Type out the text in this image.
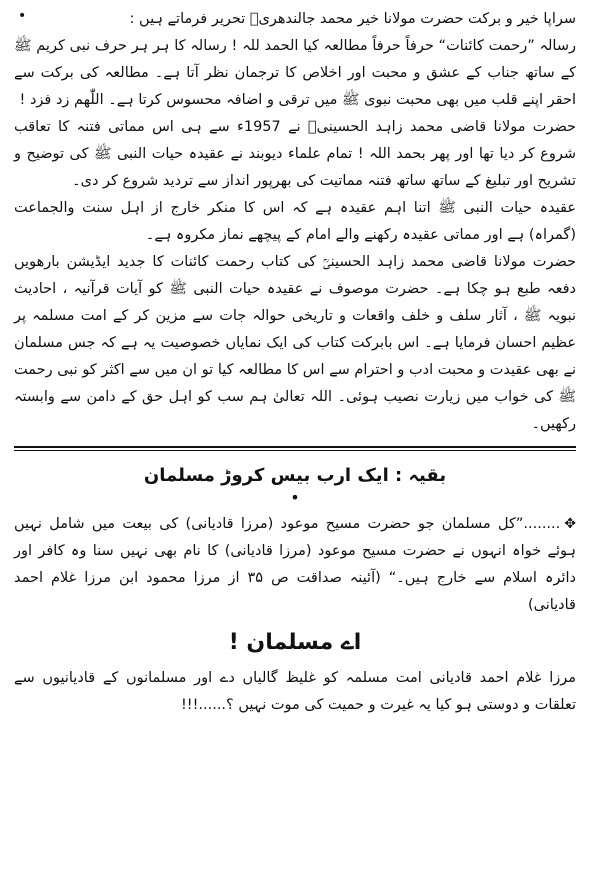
•	سراپا خیر و برکت حضرت مولانا خیر محمد جالندھریؒ تحریر فرماتے ہیں :

رسالہ ”رحمت کائنات“ حرفاً حرفاً مطالعہ کیا الحمد للہ ! رسالہ کا ہر ہر حرف نبی کریم ﷺ کے ساتھ جناب کے عشق و محبت اور اخلاص کا ترجمان نظر آتا ہے۔ مطالعہ کی برکت سے احقر اپنے قلب میں بھی محبت نبوی ﷺ میں ترقی و اضافہ محسوس کرتا ہے۔ اللّٰھم زد فزد !

حضرت مولانا قاضی محمد زاہد الحسینیؒ نے 1957ء سے ہی اس مماتی فتنہ کا تعاقب شروع کر دیا تھا اور پھر بحمد اللہ ! تمام علماء دیوبند نے عقیدہ حیات النبی ﷺ کی توضیح و تشریح اور تبلیغ کے ساتھ ساتھ فتنہ مماتیت کی بھرپور انداز سے تردید شروع کر دی۔

عقیدہ حیات النبی ﷺ اتنا اہم عقیدہ ہے کہ اس کا منکر خارج از اہل سنت والجماعت (گمراہ) ہے اور مماتی عقیدہ رکھنے والے امام کے پیچھے نماز مکروہ ہے۔

حضرت مولانا قاضی محمد زاہد الحسینیؒ کی کتاب رحمت کائنات کا جدید ایڈیشن بارھویں دفعہ طبع ہو چکا ہے۔ حضرت موصوف نے عقیدہ حیات النبی ﷺ کو آیات قرآنیہ ، احادیث نبویہ ﷺ ، آثار سلف و خلف واقعات و تاریخی حوالہ جات سے مزین کر کے امت مسلمہ پر عظیم احسان فرمایا ہے۔ اس بابرکت کتاب کی ایک نمایاں خصوصیت یہ ہے کہ جس مسلمان نے بھی عقیدت و محبت ادب و احترام سے اس کا مطالعہ کیا تو ان میں سے اکثر کو نبی رحمت ﷺ کی خواب میں زیارت نصیب ہوئی۔ اللہ تعالیٰ ہم سب کو اہل حق کے دامن سے وابستہ رکھیں۔

بقیہ : ایک ارب بیس کروڑ مسلمان

•

✥........”کل مسلمان جو حضرت مسیح موعود (مرزا قادیانی) کی بیعت میں شامل نہیں ہوئے خواہ انہوں نے حضرت مسیح موعود (مرزا قادیانی) کا نام بھی نہیں سنا وہ کافر اور دائرہ اسلام سے خارج ہیں۔“ (آئینہ صداقت ص ۳۵ از مرزا محمود ابن مرزا غلام احمد قادیانی)

اے مسلمان !

مرزا غلام احمد قادیانی امت مسلمہ کو غلیظ گالیاں دے اور مسلمانوں کے قادیانیوں سے تعلقات و دوستی ہو کیا یہ غیرت و حمیت کی موت نہیں ؟......!!!
